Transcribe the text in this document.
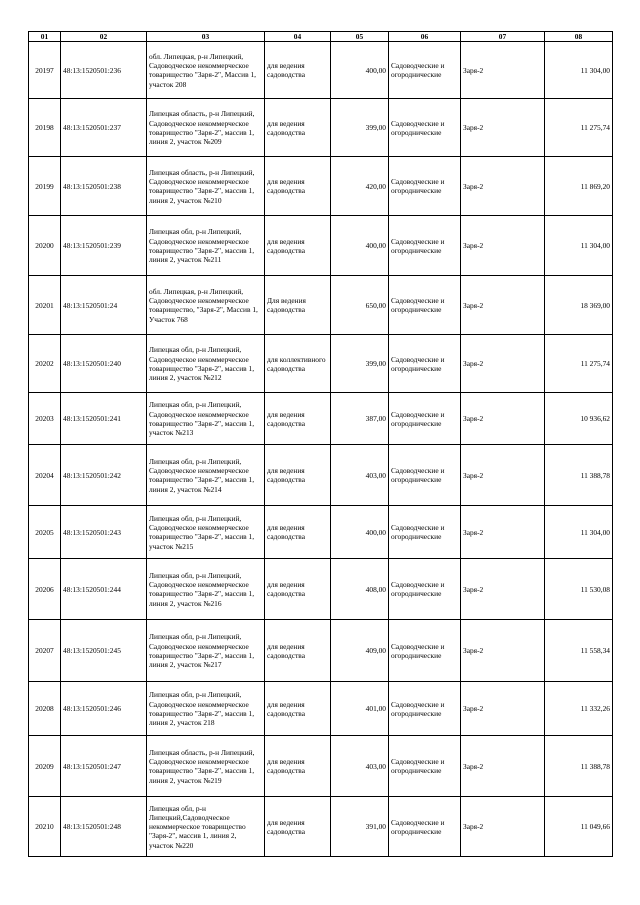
01	02	03	04	05	06	07	08
20197	48:13:1520501:236	обл. Липецкая, р-н Липецкий, Садоводческое некоммерческое товарищество "Заря-2", Массив 1, участок 208	для ведения садоводства	400,00	Садоводческие и огороднические	Заря-2	11 304,00
20198	48:13:1520501:237	Липецкая область, р-н Липецкий, Садоводческое некоммерческое товарищество "Заря-2", массив 1, линия 2, участок №209	для ведения садоводства	399,00	Садоводческие и огороднические	Заря-2	11 275,74
20199	48:13:1520501:238	Липецкая область, р-н Липецкий, Садоводческое некоммерческое товарищество "Заря-2", массив 1, линия 2, участок №210	для ведения садоводства	420,00	Садоводческие и огороднические	Заря-2	11 869,20
20200	48:13:1520501:239	Липецкая обл, р-н Липецкий, Садоводческое некоммерческое товарищество "Заря-2", массив 1, линия 2, участок №211	для ведения садоводства	400,00	Садоводческие и огороднические	Заря-2	11 304,00
20201	48:13:1520501:24	обл. Липецкая, р-н Липецкий, Садоводческое некоммерческое товарищество, "Заря-2", Массив 1, Участок 768	Для ведения садоводства	650,00	Садоводческие и огороднические	Заря-2	18 369,00
20202	48:13:1520501:240	Липецкая обл, р-н Липецкий, Садоводческое некоммерческое товарищество "Заря-2", массив 1, линия 2, участок №212	для коллективного садоводства	399,00	Садоводческие и огороднические	Заря-2	11 275,74
20203	48:13:1520501:241	Липецкая обл, р-н Липецкий, Садоводческое некоммерческое товарищество "Заря-2", массив 1, участок №213	для ведения садоводства	387,00	Садоводческие и огороднические	Заря-2	10 936,62
20204	48:13:1520501:242	Липецкая обл, р-н Липецкий, Садоводческое некоммерческое товарищество "Заря-2", массив 1, линия 2, участок №214	для ведения садоводства	403,00	Садоводческие и огороднические	Заря-2	11 388,78
20205	48:13:1520501:243	Липецкая обл, р-н Липецкий, Садоводческое некоммерческое товарищество "Заря-2", массив 1, участок №215	для ведения садоводства	400,00	Садоводческие и огороднические	Заря-2	11 304,00
20206	48:13:1520501:244	Липецкая обл, р-н Липецкий, Садоводческое некоммерческое товарищество "Заря-2", массив 1, линия 2, участок №216	для ведения садоводства	408,00	Садоводческие и огороднические	Заря-2	11 530,08
20207	48:13:1520501:245	Липецкая обл, р-н Липецкий, Садоводческое некоммерческое товарищество "Заря-2", массив 1, линия 2, участок №217	для ведения садоводства	409,00	Садоводческие и огороднические	Заря-2	11 558,34
20208	48:13:1520501:246	Липецкая обл, р-н Липецкий, Садоводческое некоммерческое товарищество "Заря-2", массив 1, линия 2, участок 218	для ведения садоводства	401,00	Садоводческие и огороднические	Заря-2	11 332,26
20209	48:13:1520501:247	Липецкая область, р-н Липецкий, Садоводческое некоммерческое товарищество "Заря-2", массив 1, линия 2, участок №219	для ведения садоводства	403,00	Садоводческие и огороднические	Заря-2	11 388,78
20210	48:13:1520501:248	Липецкая обл, р-н Липецкий,Садоводческое некоммерческое товарищество "Заря-2", массив 1, линия 2, участок №220	для ведения садоводства	391,00	Садоводческие и огороднические	Заря-2	11 049,66
